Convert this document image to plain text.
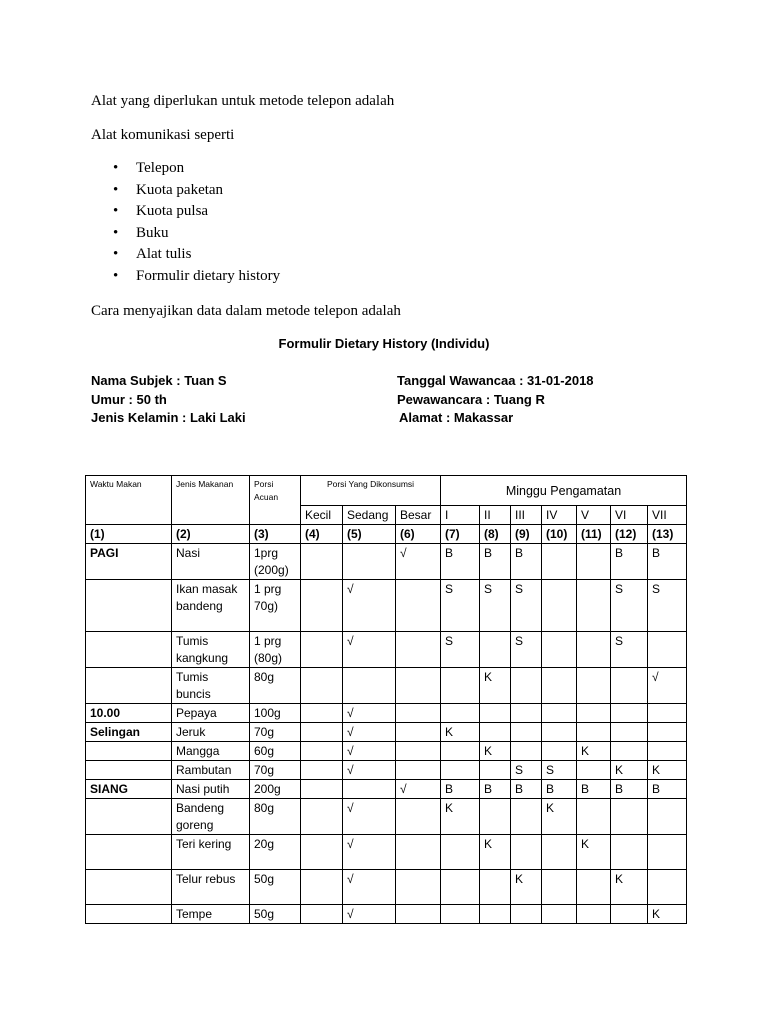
Alat yang diperlukan untuk metode telepon adalah

Alat komunikasi seperti

• Telepon
• Kuota paketan
• Kuota pulsa
• Buku
• Alat tulis
• Formulir dietary history

Cara menyajikan data dalam metode telepon adalah

Formulir Dietary History (Individu)
Nama Subjek : Tuan S
Umur : 50 th
Jenis Kelamin : Laki Laki
Tanggal Wawancaa : 31-01-2018
Pewawancara : Tuang R
Alamat : Makassar
Waktu Makan	Jenis Makanan	Porsi Acuan	Porsi Yang Dikonsumsi			Minggu Pengamatan						
			Kecil	Sedang	Besar	I	II	III	IV	V	VI	VII
(1)	(2)	(3)	(4)	(5)	(6)	(7)	(8)	(9)	(10)	(11)	(12)	(13)
PAGI	Nasi	1prg (200g)			√	B	B	B			B	B
	Ikan masak bandeng	1 prg 70g)		√		S	S	S			S	S
	Tumis kangkung	1 prg (80g)		√		S		S			S	
	Tumis buncis	80g					K					√
10.00	Pepaya	100g		√								
Selingan	Jeruk	70g		√		K						
	Mangga	60g		√			K			K		
	Rambutan	70g		√				S	S		K	K
SIANG	Nasi putih	200g			√	B	B	B	B	B	B	B
	Bandeng goreng	80g		√		K			K			
	Teri kering	20g		√			K			K		
	Telur rebus	50g		√				K			K	
	Tempe	50g		√								K
